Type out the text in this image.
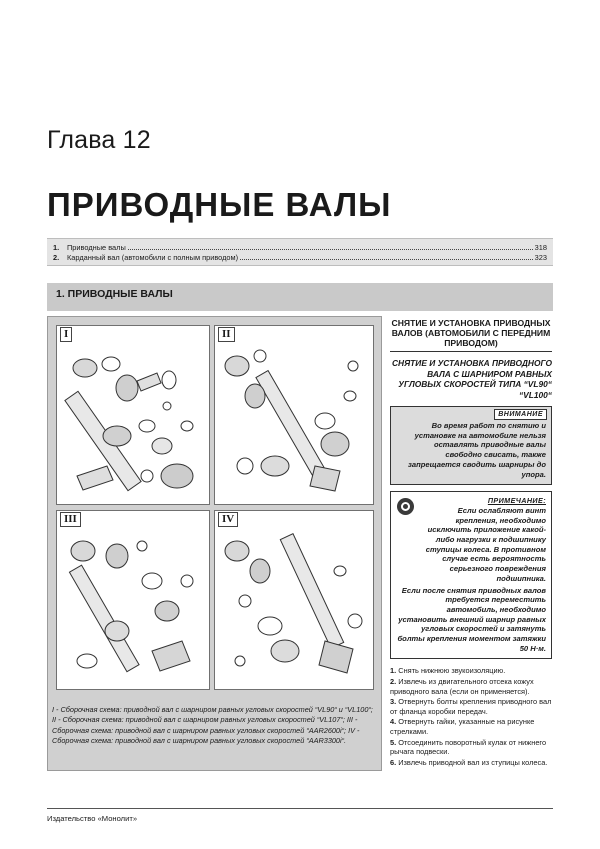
Глава 12
ПРИВОДНЫЕ ВАЛЫ
1.	Приводные валы	318
2.	Карданный вал (автомобили с полным приводом)	323
1. ПРИВОДНЫЕ ВАЛЫ
I	II
III	IV
I - Сборочная схема: приводной вал с шарниром равных угловых скоростей “VL90“ и “VL100“; II - Сборочная схема: приводной вал с шарниром равных угловых скоростей “VL107“; III - Сборочная схема: приводной вал с шарниром равных угловых скоростей “AAR2600i“; IV - Сборочная схема: приводной вал с шарниром равных угловых скоростей “AAR3300i“.
СНЯТИЕ И УСТАНОВКА ПРИВОДНЫХ ВАЛОВ (АВТОМОБИЛИ С ПЕРЕДНИМ ПРИВОДОМ)
СНЯТИЕ И УСТАНОВКА ПРИВОДНОГО ВАЛА С ШАРНИРОМ РАВНЫХ УГЛОВЫХ СКОРОСТЕЙ ТИПА “VL90“ “VL100“
ВНИМАНИЕ
Во время работ по снятию и установке на автомобиле нельзя оставлять приводные валы свободно свисать, также запрещается сводить шарниры до упора.
ПРИМЕЧАНИЕ:
Если ослабляют винт крепления, необходимо исключить приложение какой-либо нагрузки к подшипнику ступицы колеса. В противном случае есть вероятность серьезного повреждения подшипника.
Если после снятия приводных валов требуется переместить автомобиль, необходимо установить внешний шарнир равных угловых скоростей и затянуть болты крепления моментом затяжки 50 Н·м.
1. Снять нижнюю звукоизоляцию.
2. Извлечь из двигательного отсека кожух приводного вала (если он применяется).
3. Отвернуть болты крепления приводного вал от фланца коробки передач.
4. Отвернуть гайки, указанные на рисунке стрелками.
5. Отсоединить поворотный кулак от нижнего рычага подвески.
6. Извлечь приводной вал из ступицы колеса.
Издательство «Монолит»
